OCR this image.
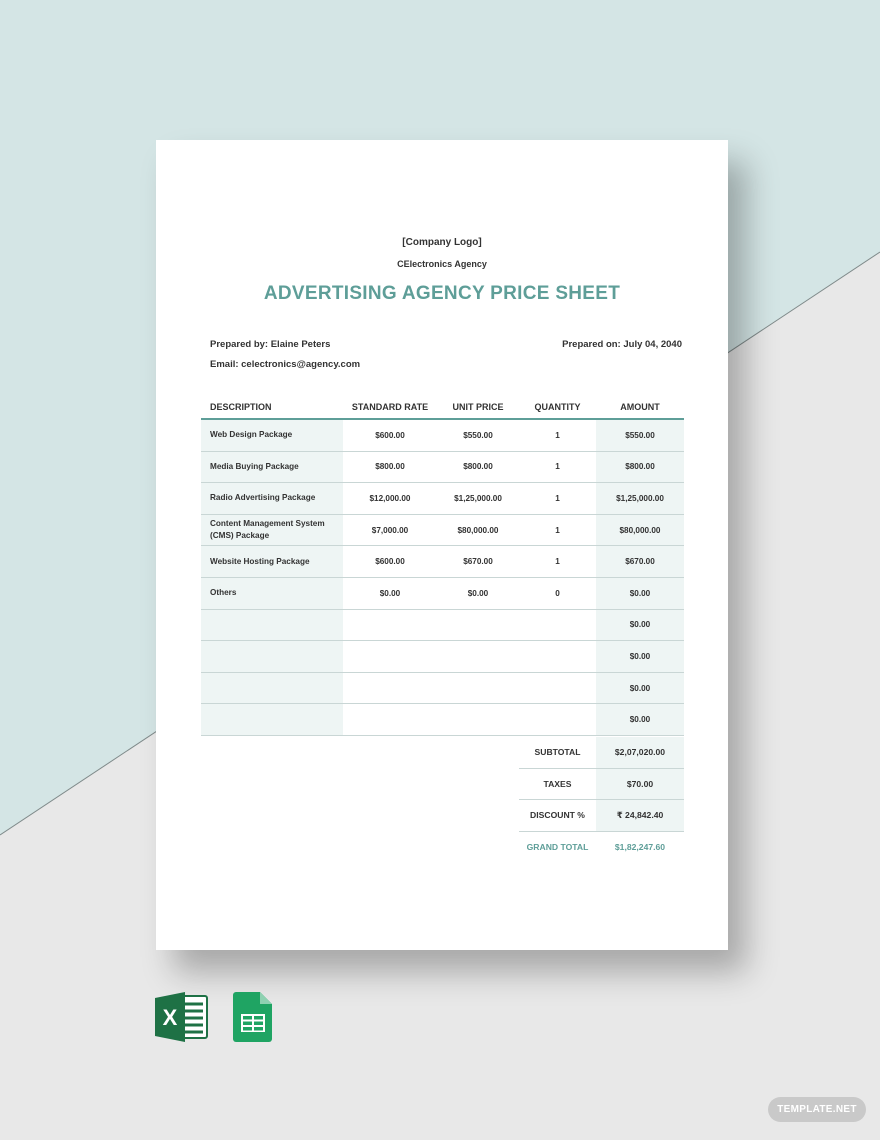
[Company Logo]
CElectronics Agency
ADVERTISING AGENCY PRICE SHEET
Prepared by: Elaine Peters
Email: celectronics@agency.com
Prepared on: July 04, 2040
DESCRIPTION	STANDARD RATE	UNIT PRICE	QUANTITY	AMOUNT
Web Design Package	$600.00	$550.00	1	$550.00
Media Buying Package	$800.00	$800.00	1	$800.00
Radio Advertising Package	$12,000.00	$1,25,000.00	1	$1,25,000.00
Content Management System (CMS) Package	$7,000.00	$80,000.00	1	$80,000.00
Website Hosting Package	$600.00	$670.00	1	$670.00
Others	$0.00	$0.00	0	$0.00
				$0.00
				$0.00
				$0.00
				$0.00
SUBTOTAL	$2,07,020.00
TAXES	$70.00
DISCOUNT %	₹ 24,842.40
GRAND TOTAL	$1,82,247.60
X
TEMPLATE.NET
